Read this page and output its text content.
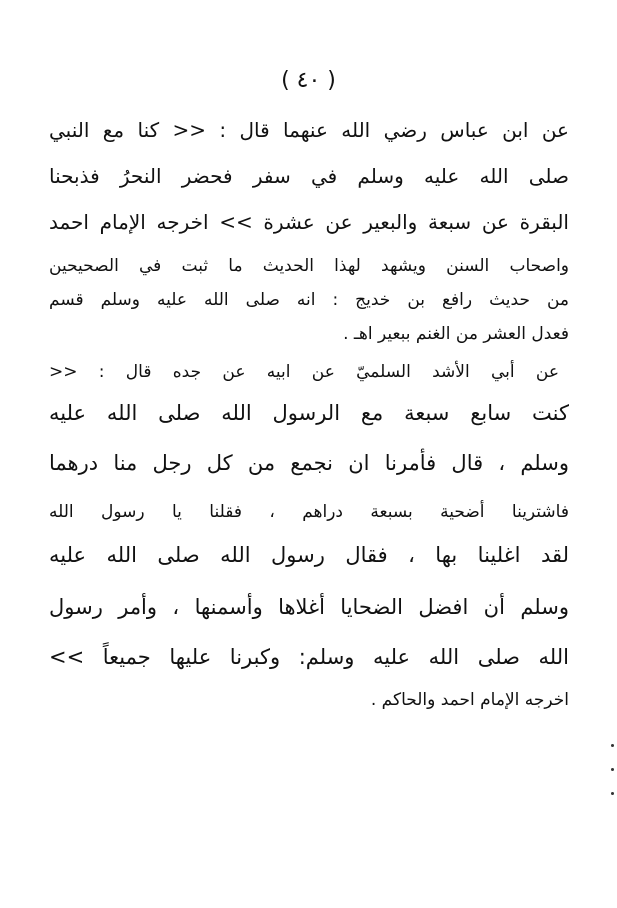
( ٤٠ )
عن ابن عباس رضي الله عنهما قال : << كنا مع النبي
صلى الله عليه وسلم في سفر فحضر النحرُ فذبحنا
البقرة عن سبعة والبعير عن عشرة >> اخرجه الإمام احمد
واصحاب السنن ويشهد لهذا الحديث ما ثبت في الصحيحين
من حديث رافع بن خديج : انه صلى الله عليه وسلم قسم
فعدل العشر من الغنم ببعير اهـ .
عن أبي الأشد السلميّ عن ابيه عن جده قال : <<
كنت سابع سبعة مع الرسول الله صلى الله عليه
وسلم ، قال فأمرنا ان نجمع من كل رجل منا درهما
فاشترينا أضحية بسبعة دراهم ، فقلنا يا رسول الله
لقد اغلينا بها ، فقال رسول الله صلى الله عليه
وسلم أن افضل الضحايا أغلاها وأسمنها ، وأمر رسول
الله صلى الله عليه وسلم: وكبرنا عليها جميعاً >>
اخرجه الإمام احمد والحاكم .
